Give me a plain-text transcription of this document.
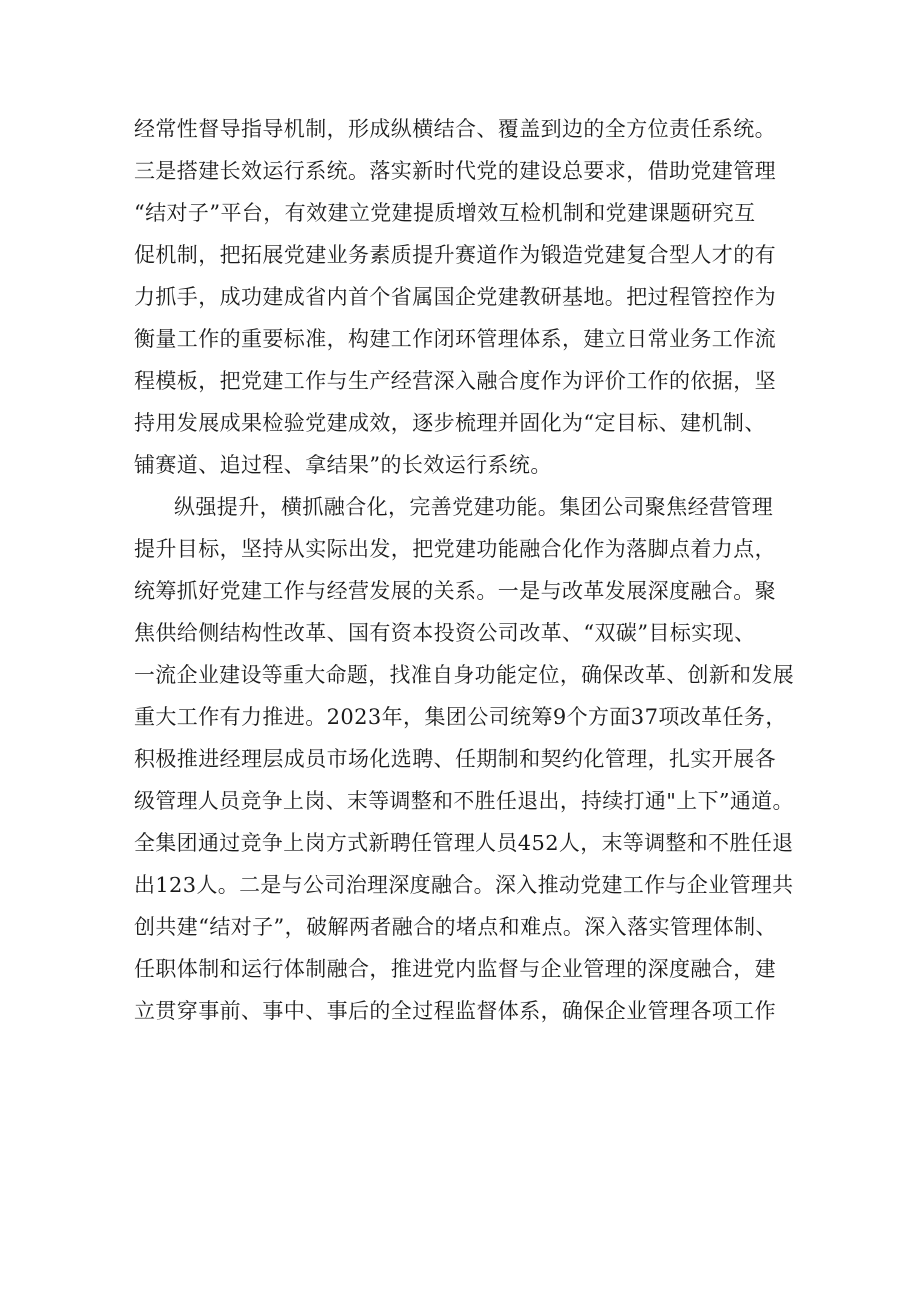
经常性督导指导机制，形成纵横结合、覆盖到边的全方位责任系统。
三是搭建长效运行系统。落实新时代党的建设总要求，借助党建管理
“结对子”平台，有效建立党建提质增效互检机制和党建课题研究互
促机制，把拓展党建业务素质提升赛道作为锻造党建复合型人才的有
力抓手，成功建成省内首个省属国企党建教研基地。把过程管控作为
衡量工作的重要标准，构建工作闭环管理体系，建立日常业务工作流
程模板，把党建工作与生产经营深入融合度作为评价工作的依据，坚
持用发展成果检验党建成效，逐步梳理并固化为“定目标、建机制、
铺赛道、追过程、拿结果”的长效运行系统。
纵强提升，横抓融合化，完善党建功能。集团公司聚焦经营管理
提升目标，坚持从实际出发，把党建功能融合化作为落脚点着力点，
统筹抓好党建工作与经营发展的关系。一是与改革发展深度融合。聚
焦供给侧结构性改革、国有资本投资公司改革、“双碳”目标实现、
一流企业建设等重大命题，找准自身功能定位，确保改革、创新和发展
重大工作有力推进。2023年，集团公司统筹9个方面37项改革任务，
积极推进经理层成员市场化选聘、任期制和契约化管理，扎实开展各
级管理人员竞争上岗、末等调整和不胜任退出，持续打通"上下”通道。
全集团通过竞争上岗方式新聘任管理人员452人，末等调整和不胜任退
出123人。二是与公司治理深度融合。深入推动党建工作与企业管理共
创共建“结对子”，破解两者融合的堵点和难点。深入落实管理体制、
任职体制和运行体制融合，推进党内监督与企业管理的深度融合，建
立贯穿事前、事中、事后的全过程监督体系，确保企业管理各项工作
